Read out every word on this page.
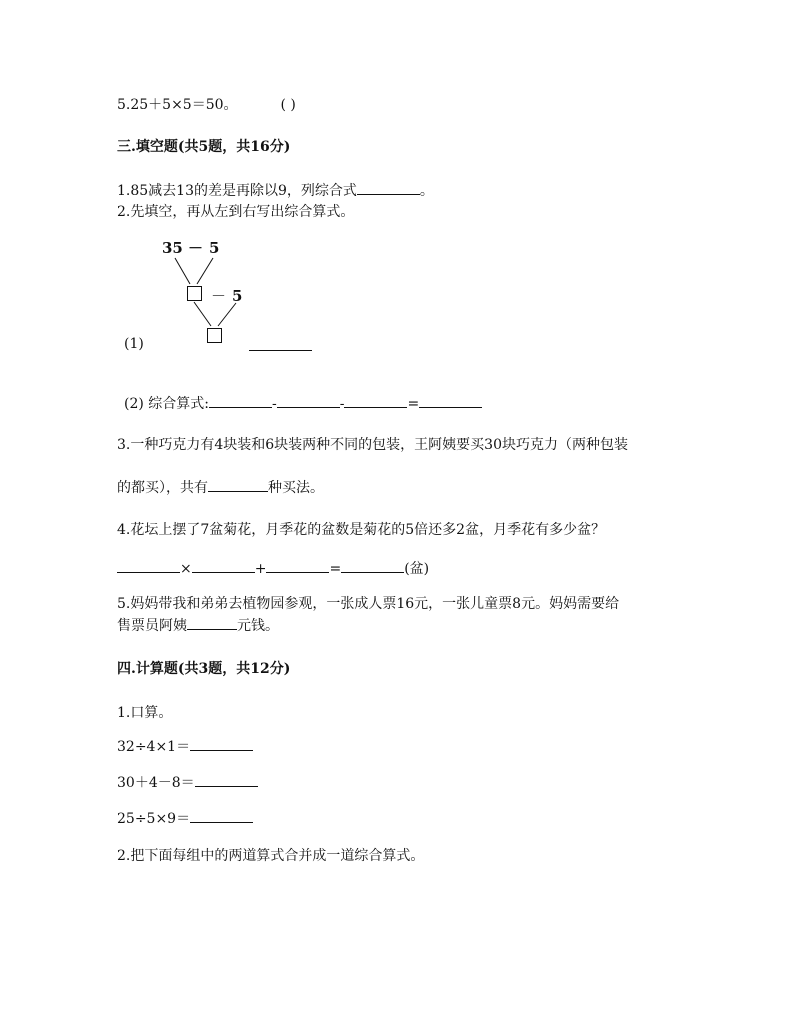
5.25＋5×5＝50。	( )
三.填空题(共5题，共16分)
1.85减去13的差是再除以9，列综合式	。
2.先填空，再从左到右写出综合算式。
35 － 5
－ 5
(1)
(2) 综合算式:	-	-	=
3.一种巧克力有4块装和6块装两种不同的包装，王阿姨要买30块巧克力（两种包装
的都买），共有	种买法。
4.花坛上摆了7盆菊花，月季花的盆数是菊花的5倍还多2盆，月季花有多少盆？
×	+	=	(盆)
5.妈妈带我和弟弟去植物园参观，一张成人票16元，一张儿童票8元。妈妈需要给
售票员阿姨	元钱。
四.计算题(共3题，共12分)
1.口算。
32÷4×1＝
30＋4－8＝
25÷5×9＝
2.把下面每组中的两道算式合并成一道综合算式。
